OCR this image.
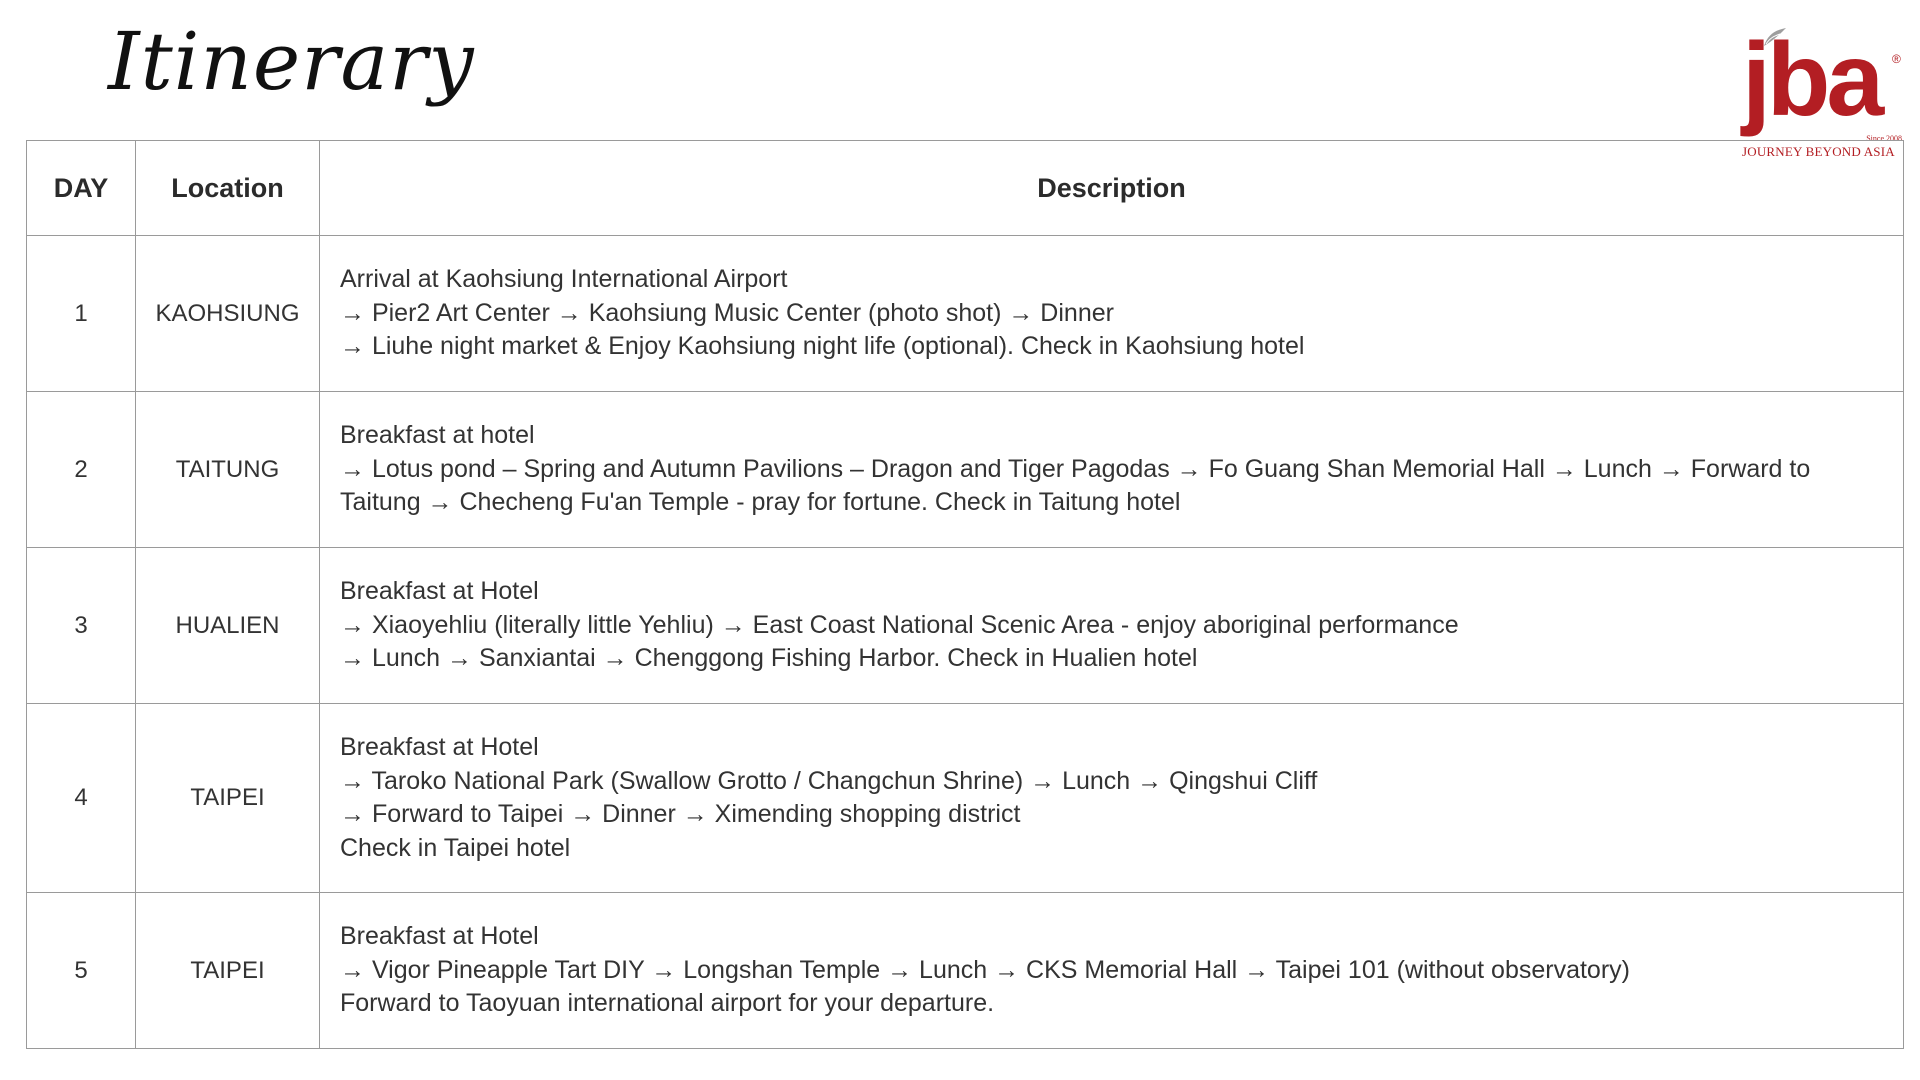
Itinerary	jba ®
Since 2008
JOURNEY BEYOND ASIA
DAY	Location	Description
1	KAOHSIUNG	Arrival at Kaohsiung International Airport
→ Pier2 Art Center → Kaohsiung Music Center (photo shot) → Dinner
→ Liuhe night market & Enjoy Kaohsiung night life (optional). Check in Kaohsiung hotel

2	TAITUNG	Breakfast at hotel
→ Lotus pond – Spring and Autumn Pavilions – Dragon and Tiger Pagodas → Fo Guang Shan Memorial Hall → Lunch → Forward to Taitung → Checheng Fu'an Temple - pray for fortune. Check in Taitung hotel

3	HUALIEN	Breakfast at Hotel
→ Xiaoyehliu (literally little Yehliu) → East Coast National Scenic Area - enjoy aboriginal performance
→ Lunch → Sanxiantai → Chenggong Fishing Harbor. Check in Hualien hotel

4	TAIPEI	Breakfast at Hotel
→ Taroko National Park (Swallow Grotto / Changchun Shrine) → Lunch → Qingshui Cliff
→ Forward to Taipei → Dinner → Ximending shopping district
Check in Taipei hotel

5	TAIPEI	Breakfast at Hotel
→ Vigor Pineapple Tart DIY → Longshan Temple → Lunch → CKS Memorial Hall → Taipei 101 (without observatory)
Forward to Taoyuan international airport for your departure.
